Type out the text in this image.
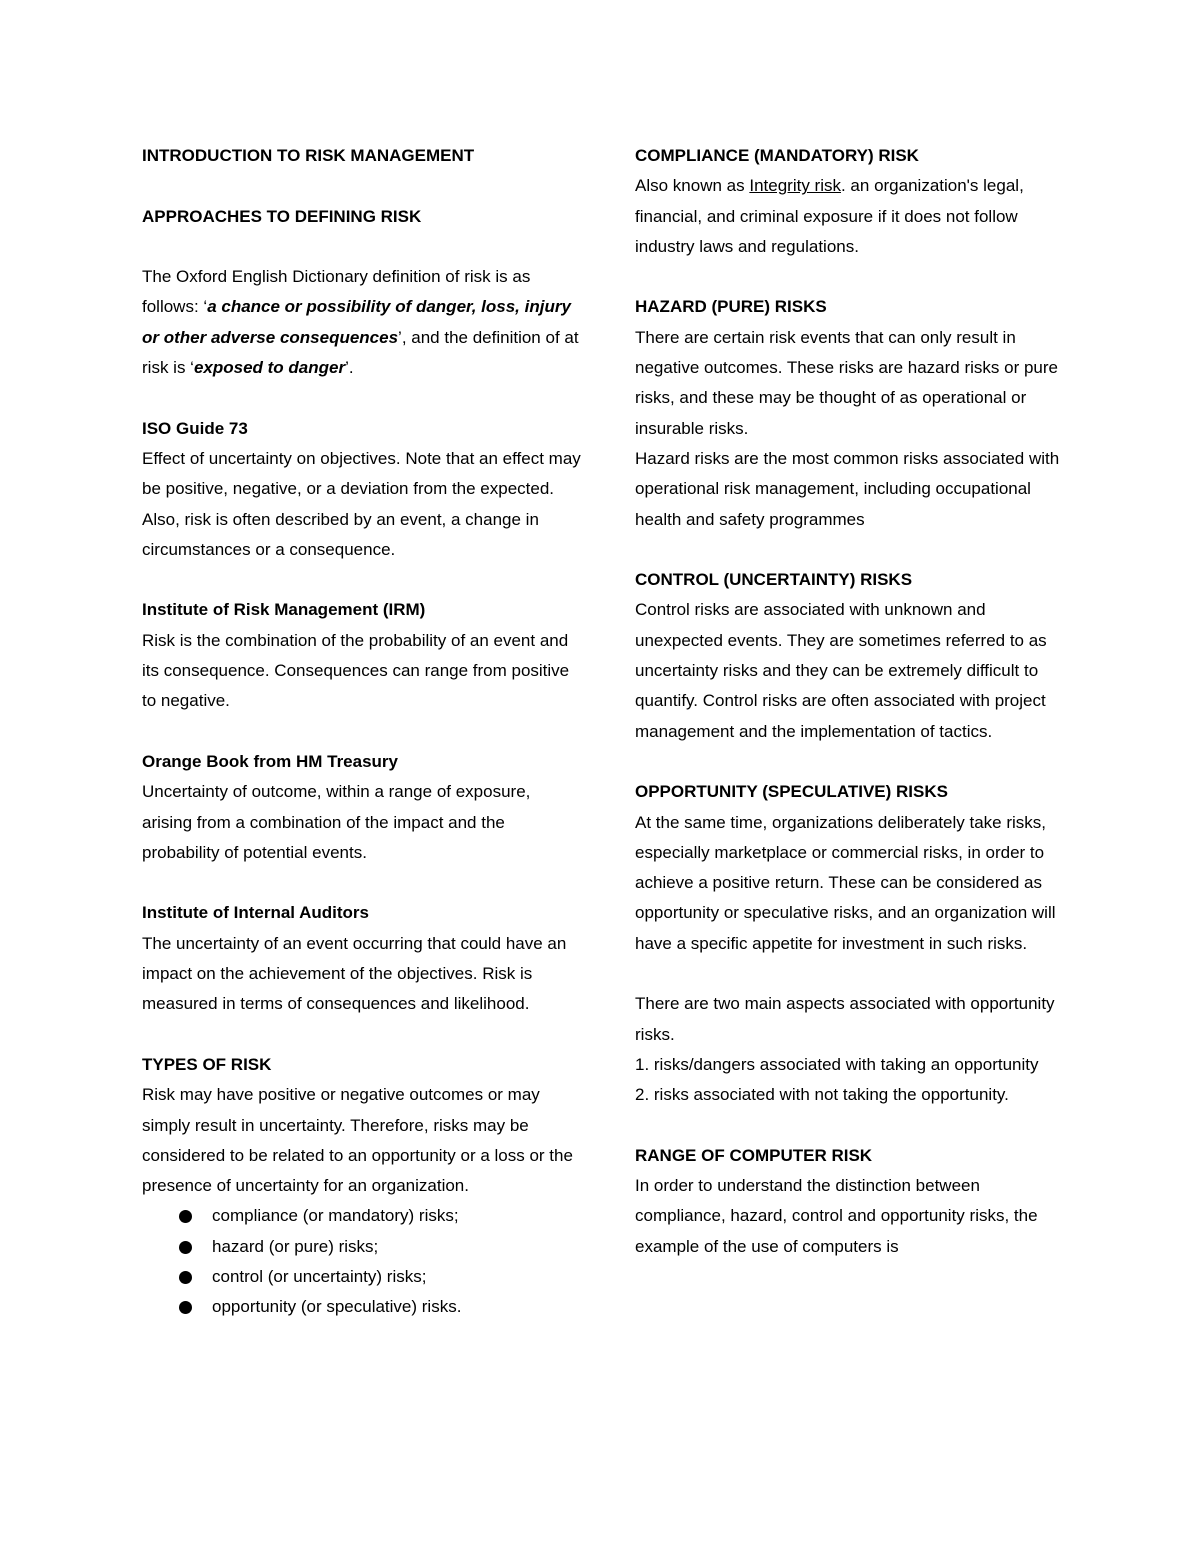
INTRODUCTION TO RISK MANAGEMENT

APPROACHES TO DEFINING RISK

The Oxford English Dictionary definition of risk is as follows: ‘a chance or possibility of danger, loss, injury or other adverse consequences’, and the definition of at risk is ‘exposed to danger’.

ISO Guide 73

Effect of uncertainty on objectives. Note that an effect may be positive, negative, or a deviation from the expected. Also, risk is often described by an event, a change in circumstances or a consequence.

Institute of Risk Management (IRM)

Risk is the combination of the probability of an event and its consequence. Consequences can range from positive to negative.

Orange Book from HM Treasury

Uncertainty of outcome, within a range of exposure, arising from a combination of the impact and the probability of potential events.

Institute of Internal Auditors

The uncertainty of an event occurring that could have an impact on the achievement of the objectives. Risk is measured in terms of consequences and likelihood.

TYPES OF RISK

Risk may have positive or negative outcomes or may simply result in uncertainty. Therefore, risks may be considered to be related to an opportunity or a loss or the presence of uncertainty for an organization.

compliance (or mandatory) risks;
hazard (or pure) risks;
control (or uncertainty) risks;
opportunity (or speculative) risks.

COMPLIANCE (MANDATORY) RISK

Also known as Integrity risk. an organization's legal, financial, and criminal exposure if it does not follow industry laws and regulations.

HAZARD (PURE) RISKS

There are certain risk events that can only result in negative outcomes. These risks are hazard risks or pure risks, and these may be thought of as operational or insurable risks.

Hazard risks are the most common risks associated with operational risk management, including occupational health and safety programmes

CONTROL (UNCERTAINTY) RISKS

Control risks are associated with unknown and unexpected events. They are sometimes referred to as uncertainty risks and they can be extremely difficult to quantify. Control risks are often associated with project management and the implementation of tactics.

OPPORTUNITY (SPECULATIVE) RISKS

At the same time, organizations deliberately take risks, especially marketplace or commercial risks, in order to achieve a positive return. These can be considered as opportunity or speculative risks, and an organization will have a specific appetite for investment in such risks.

There are two main aspects associated with opportunity risks.

1. risks/dangers associated with taking an opportunity

2. risks associated with not taking the opportunity.

RANGE OF COMPUTER RISK

In order to understand the distinction between compliance, hazard, control and opportunity risks, the example of the use of computers is
